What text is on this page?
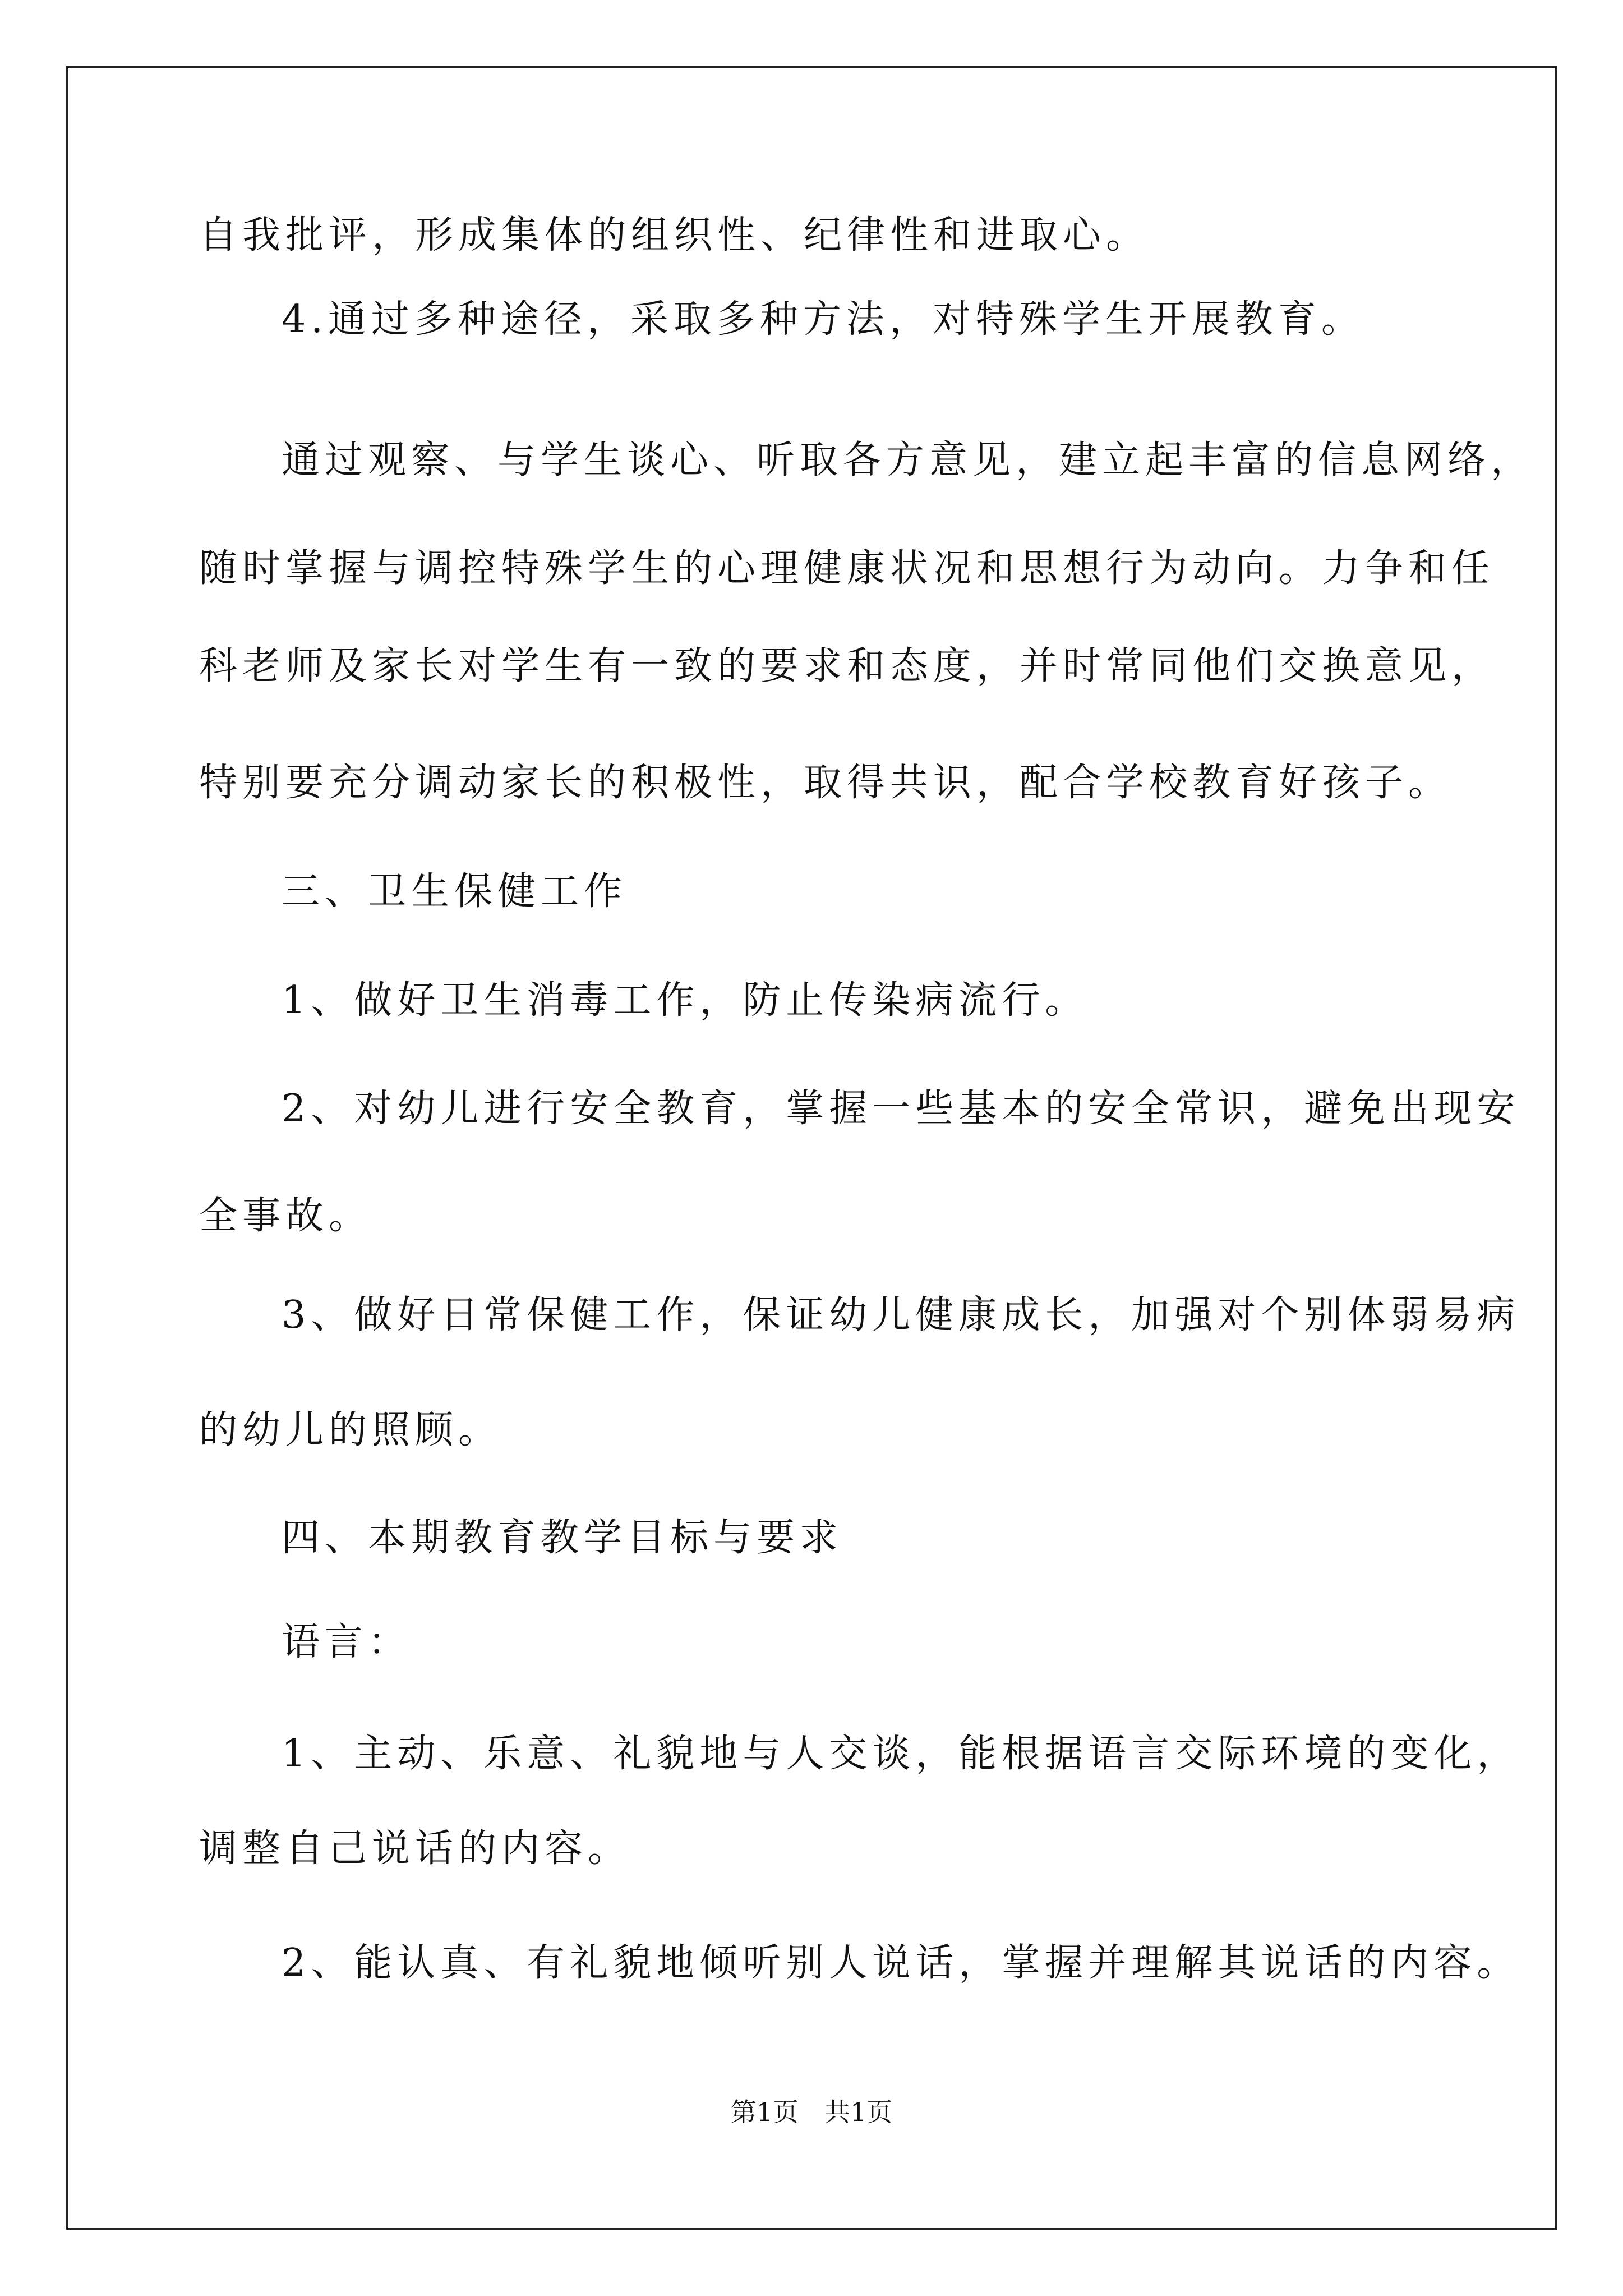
自我批评，形成集体的组织性、纪律性和进取心。
4.通过多种途径，采取多种方法，对特殊学生开展教育。
通过观察、与学生谈心、听取各方意见，建立起丰富的信息网络，
随时掌握与调控特殊学生的心理健康状况和思想行为动向。力争和任
科老师及家长对学生有一致的要求和态度，并时常同他们交换意见，
特别要充分调动家长的积极性，取得共识，配合学校教育好孩子。
三、卫生保健工作
1、做好卫生消毒工作，防止传染病流行。
2、对幼儿进行安全教育，掌握一些基本的安全常识，避免出现安
全事故。
3、做好日常保健工作，保证幼儿健康成长，加强对个别体弱易病
的幼儿的照顾。
四、本期教育教学目标与要求
语言：
1、主动、乐意、礼貌地与人交谈，能根据语言交际环境的变化，
调整自己说话的内容。
2、能认真、有礼貌地倾听别人说话，掌握并理解其说话的内容。
第1页　共1页
